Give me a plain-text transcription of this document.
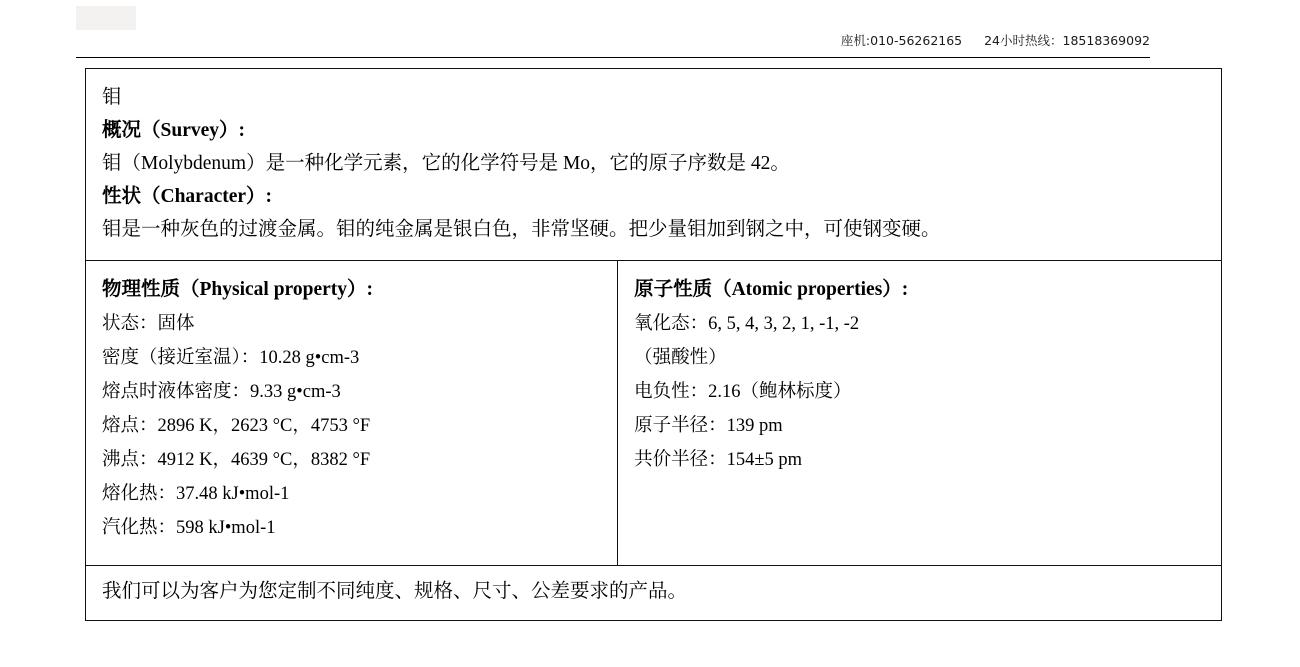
座机:010-56262165 24小时热线：18518369092
钼
概况（Survey）:
钼（Molybdenum）是一种化学元素，它的化学符号是 Mo，它的原子序数是 42。
性状（Character）:
钼是一种灰色的过渡金属。钼的纯金属是银白色，非常坚硬。把少量钼加到钢之中，可使钢变硬。
物理性质（Physical property）:
状态：固体
密度（接近室温）：10.28 g•cm-3
熔点时液体密度：9.33 g•cm-3
熔点：2896 K，2623 °C，4753 °F
沸点：4912 K，4639 °C，8382 °F
熔化热：37.48 kJ•mol-1
汽化热：598 kJ•mol-1
原子性质（Atomic properties）:
氧化态：6, 5, 4, 3, 2, 1, -1, -2
（强酸性）
电负性：2.16（鲍林标度）
原子半径：139 pm
共价半径：154±5 pm
我们可以为客户为您定制不同纯度、规格、尺寸、公差要求的产品。
